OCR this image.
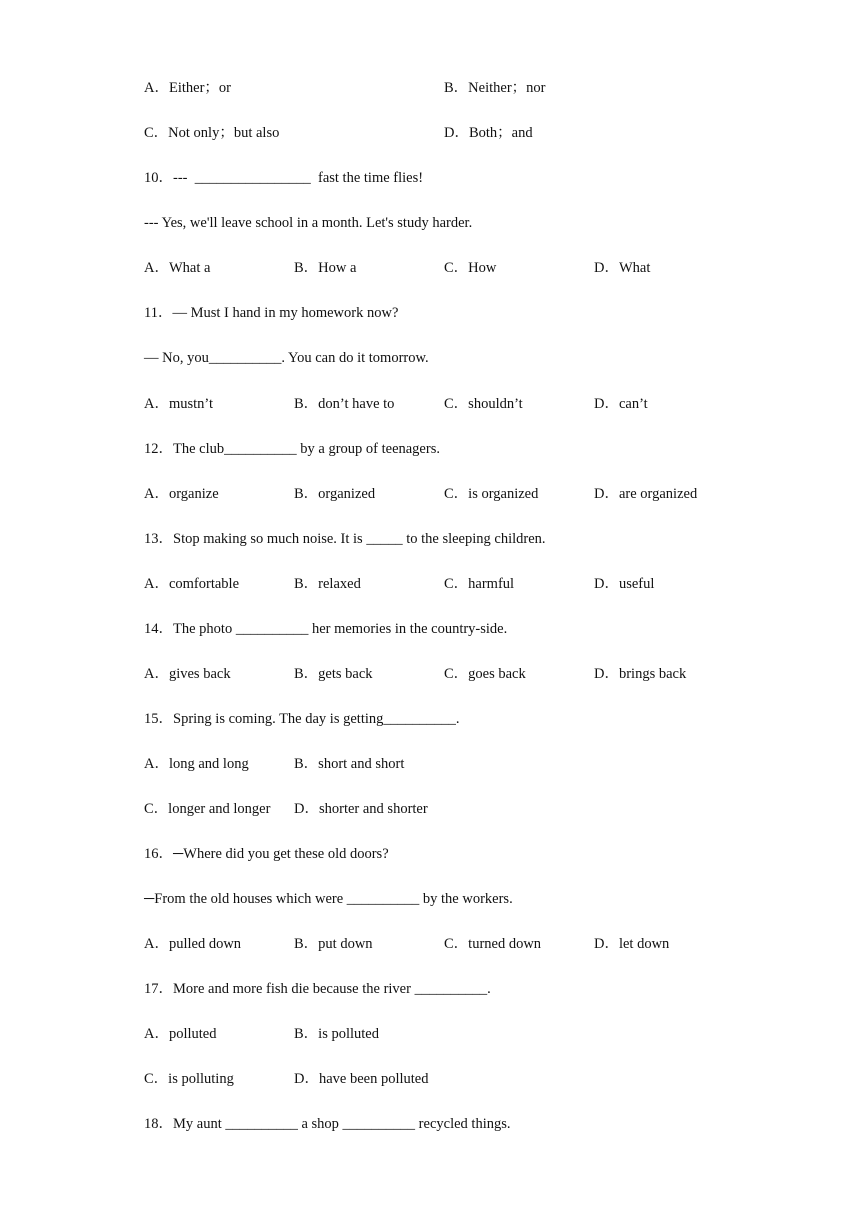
A．Either；or	B．Neither；nor
C．Not only；but also	D．Both；and
10．---  ________________  fast the time flies!
--- Yes, we'll leave school in a month. Let's study harder.
A．What a	B．How a	C．How	D．What
11．— Must I hand in my homework now?
— No, you__________. You can do it tomorrow.
A．mustn’t	B．don’t have to	C．shouldn’t	D．can’t
12．The club__________ by a group of teenagers.
A．organize	B．organized	C．is organized	D．are organized
13．Stop making so much noise. It is _____ to the sleeping children.
A．comfortable	B．relaxed	C．harmful	D．useful
14．The photo __________ her memories in the country-side.
A．gives back	B．gets back	C．goes back	D．brings back
15．Spring is coming. The day is getting__________.
A．long and long	B．short and short
C．longer and longer D．shorter and shorter
16．─Where did you get these old doors?
─From the old houses which were __________ by the workers.
A．pulled down	B．put down	C．turned down	D．let down
17．More and more fish die because the river __________.
A．polluted	B．is polluted
C．is polluting	D．have been polluted
18．My aunt __________ a shop __________ recycled things.
